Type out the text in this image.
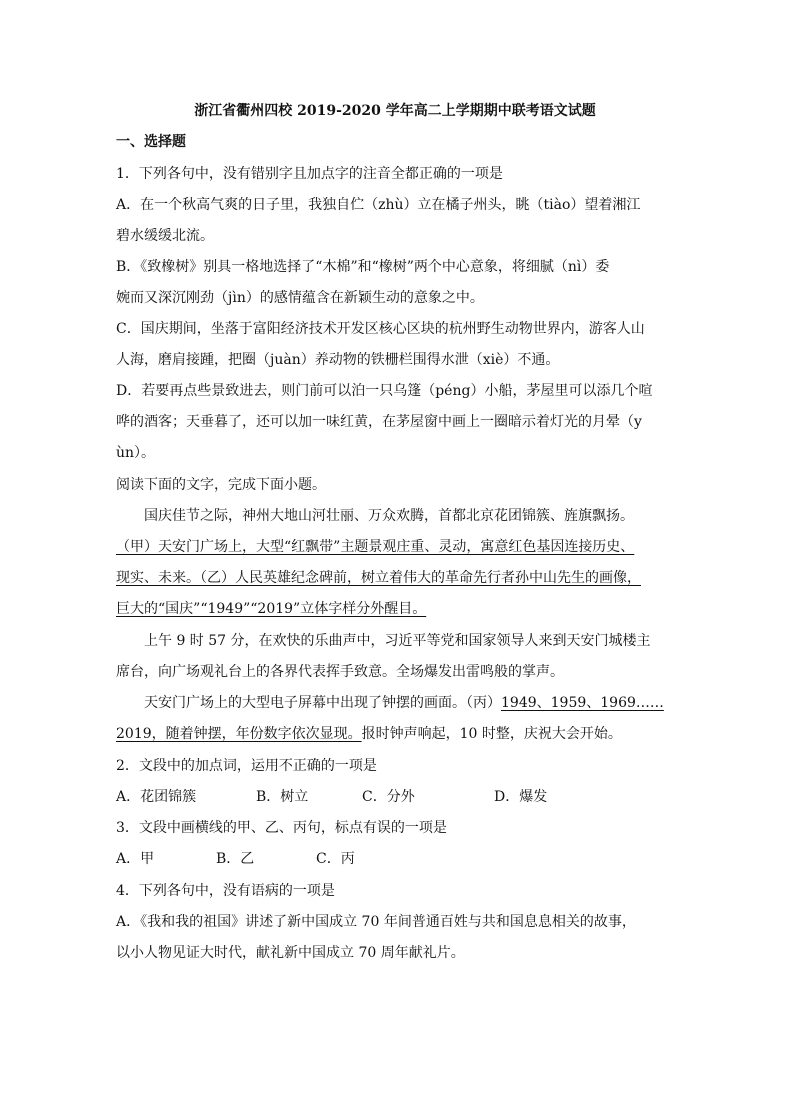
浙江省衢州四校 2019-2020 学年高二上学期期中联考语文试题
一、选择题
1．下列各句中，没有错别字且加点字的注音全都正确的一项是
A．在一个秋高气爽的日子里，我独自伫（zhù）立在橘子州头，眺（tiào）望着湘江
碧水缓缓北流。
B．《致橡树》别具一格地选择了“木棉”和“橡树”两个中心意象，将细腻（nì）委
婉而又深沉刚劲（jìn）的感情蕴含在新颖生动的意象之中。
C．国庆期间，坐落于富阳经济技术开发区核心区块的杭州野生动物世界内，游客人山
人海，磨肩接踵，把圈（juàn）养动物的铁栅栏围得水泄（xiè）不通。
D．若要再点些景致进去，则门前可以泊一只乌篷（péng）小船，茅屋里可以添几个喧
哗的酒客；天垂暮了，还可以加一味红黄，在茅屋窗中画上一圈暗示着灯光的月晕（y
ùn）。
阅读下面的文字，完成下面小题。
国庆佳节之际，神州大地山河壮丽、万众欢腾，首都北京花团锦簇、旌旗飘扬。
（甲）天安门广场上，大型“红飘带”主题景观庄重、灵动，寓意红色基因连接历史、
现实、未来。（乙）人民英雄纪念碑前，树立着伟大的革命先行者孙中山先生的画像，
巨大的“国庆”“1949”“2019”立体字样分外醒目。
上午 9 时 57 分，在欢快的乐曲声中，习近平等党和国家领导人来到天安门城楼主
席台，向广场观礼台上的各界代表挥手致意。全场爆发出雷鸣般的掌声。
天安门广场上的大型电子屏幕中出现了钟摆的画面。（丙）1949、1959、1969……
2019，随着钟摆，年份数字依次显现。报时钟声响起，10 时整，庆祝大会开始。
2．文段中的加点词，运用不正确的一项是
A．花团锦簇	B．树立	C．分外	D．爆发
3．文段中画横线的甲、乙、丙句，标点有误的一项是
A．甲	B．乙	C．丙
4．下列各句中，没有语病的一项是
A．《我和我的祖国》讲述了新中国成立 70 年间普通百姓与共和国息息相关的故事，
以小人物见证大时代，献礼新中国成立 70 周年献礼片。
